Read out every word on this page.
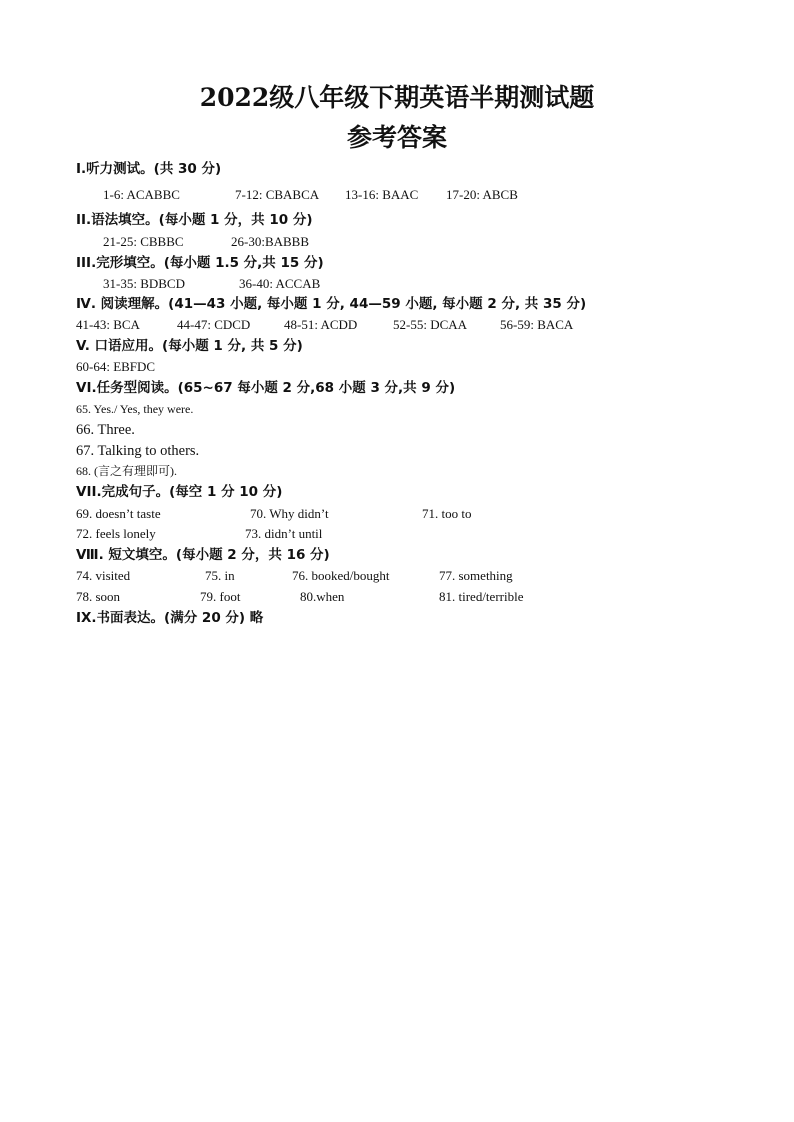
2022级八年级下期英语半期测试题
参考答案
Ⅰ.听力测试。(共 30 分)
1-6: ACABBC	7-12: CBABCA 13-16: BAAC 17-20: ABCB
II.语法填空。(每小题 1 分，共 10 分)
21-25: CBBBC	26-30:BABBB
III.完形填空。(每小题 1.5 分,共 15 分)
31-35: BDBCD	36-40: ACCAB
Ⅳ. 阅读理解。(41—43 小题, 每小题 1 分, 44—59 小题, 每小题 2 分, 共 35 分)
41-43: BCA	44-47: CDCD	48-51: ACDD	52-55: DCAA	56-59: BACA
V. 口语应用。(每小题 1 分, 共 5 分)
60-64: EBFDC
VI.任务型阅读。(65~67 每小题 2 分,68 小题 3 分,共 9 分)
65. Yes./ Yes, they were.
66. Three.
67. Talking to others.
68. (言之有理即可).
VII.完成句子。(每空 1 分 10 分)
69. doesn’t taste	70. Why didn’t	71. too to
72. feels lonely	73. didn’t until
Ⅷ. 短文填空。(每小题 2 分，共 16 分)
74. visited	75. in	76. booked/bought	77. something
78. soon	79. foot	80.when	81. tired/terrible
IX.书面表达。(满分 20 分) 略
